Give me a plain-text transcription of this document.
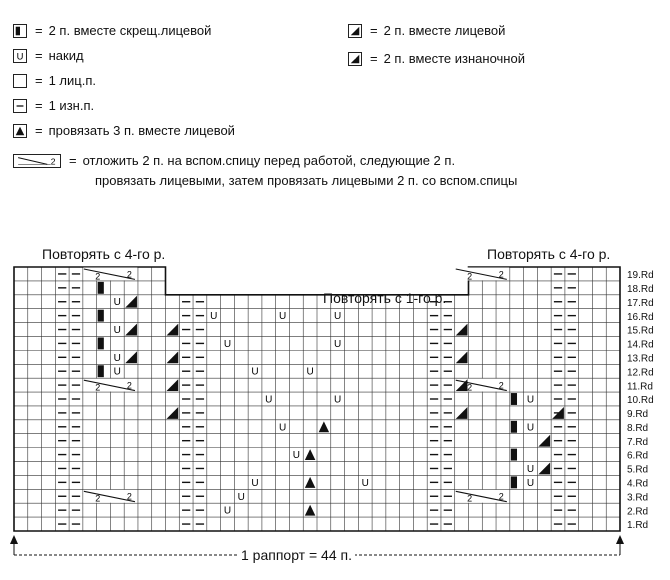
= 2 п. вместе скрещ.лицевой
U = накид
= 1 лиц.п.
= 1 изн.п.
= провязать 3 п. вместе лицевой
= 2 п. вместе лицевой
= 2 п. вместе изнаночной
2 = отложить 2 п. на вспом.спицу перед работой, следующие 2 п.
провязать лицевыми, затем провязать лицевыми 2 п. со вспом.спицы
Повторять с 4-го р.
Повторять с 1-го р.
Повторять с 4-го р.
2	2	2	2
2	2	2	2
2	2	2	2
U
U
U
U
U
U
U
U
U	U	U
U	U
U	U
U	U
U
U
U	U
U
U
19.Rd
18.Rd
17.Rd
16.Rd
15.Rd
14.Rd
13.Rd
12.Rd
11.Rd
10.Rd
9.Rd
8.Rd
7.Rd
6.Rd
5.Rd
4.Rd
3.Rd
2.Rd
1.Rd
1 раппорт = 44 п.
